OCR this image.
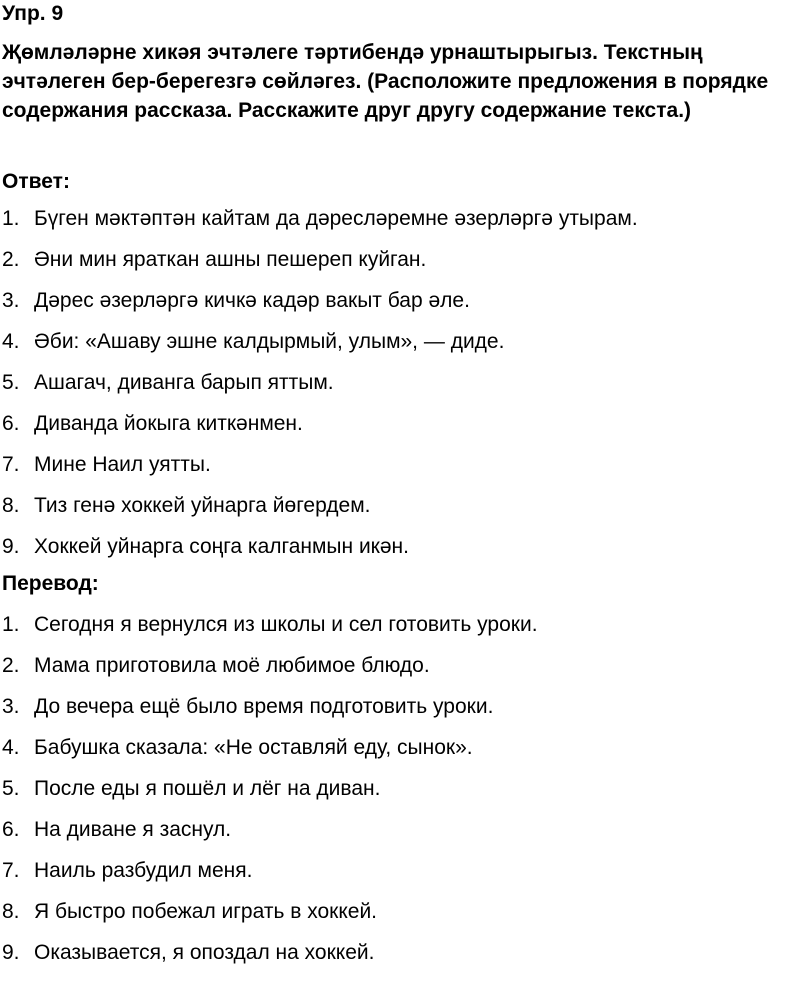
Упр. 9

Җөмләләрне хикәя эчтәлеге тәртибендә урнаштырыгыз. Текстның эчтәлеген бер-берегезгә сөйләгез. (Расположите предложения в порядке содержания рассказа. Расскажите друг другу содержание текста.)

Ответ:
1. Бүген мәктәптән кайтам да дәресләремне әзерләргә утырам.
2. Әни мин яраткан ашны пешереп куйган.
3. Дәрес әзерләргә кичкә кадәр вакыт бар әле.
4. Әби: «Ашаву эшне калдырмый, улым», — диде.
5. Ашагач, диванга барып яттым.
6. Диванда йокыга киткәнмен.
7. Мине Наил уятты.
8. Тиз генә хоккей уйнарга йөгердем.
9. Хоккей уйнарга соңга калганмын икән.
Перевод:
1. Сегодня я вернулся из школы и сел готовить уроки.
2. Мама приготовила моё любимое блюдо.
3. До вечера ещё было время подготовить уроки.
4. Бабушка сказала: «Не оставляй еду, сынок».
5. После еды я пошёл и лёг на диван.
6. На диване я заснул.
7. Наиль разбудил меня.
8. Я быстро побежал играть в хоккей.
9. Оказывается, я опоздал на хоккей.
